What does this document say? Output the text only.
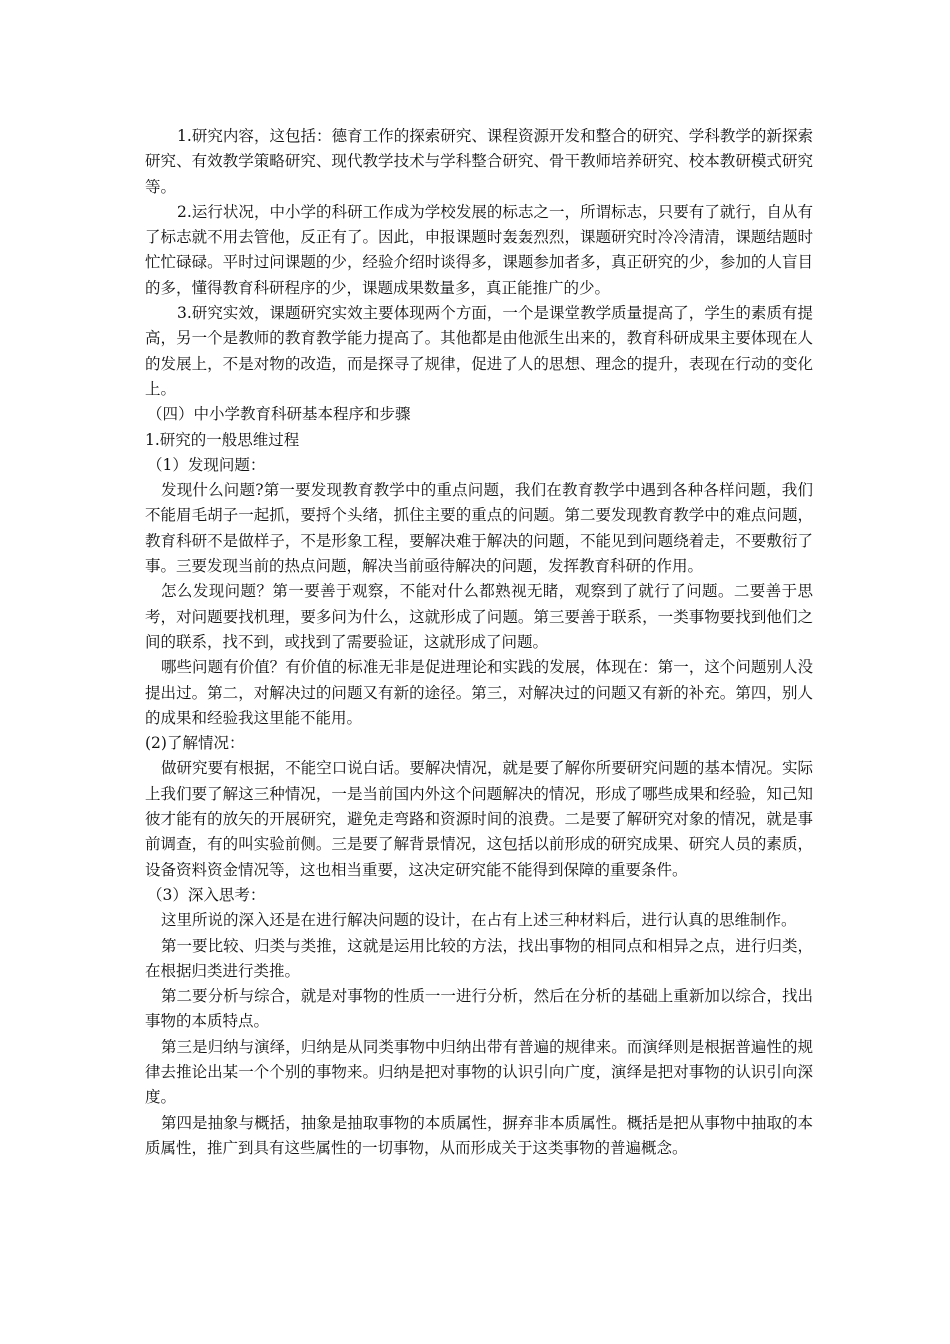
1.研究内容，这包括：德育工作的探索研究、课程资源开发和整合的研究、学科教学的新探索研究、有效教学策略研究、现代教学技术与学科整合研究、骨干教师培养研究、校本教研模式研究等。

2.运行状况，中小学的科研工作成为学校发展的标志之一，所谓标志，只要有了就行，自从有了标志就不用去管他，反正有了。因此，申报课题时轰轰烈烈，课题研究时冷冷清清，课题结题时忙忙碌碌。平时过问课题的少，经验介绍时谈得多，课题参加者多，真正研究的少，参加的人盲目的多，懂得教育科研程序的少，课题成果数量多，真正能推广的少。

3.研究实效，课题研究实效主要体现两个方面，一个是课堂教学质量提高了，学生的素质有提高，另一个是教师的教育教学能力提高了。其他都是由他派生出来的，教育科研成果主要体现在人的发展上，不是对物的改造，而是探寻了规律，促进了人的思想、理念的提升，表现在行动的变化上。

（四）中小学教育科研基本程序和步骤

1.研究的一般思维过程

（1）发现问题：

发现什么问题?第一要发现教育教学中的重点问题，我们在教育教学中遇到各种各样问题，我们不能眉毛胡子一起抓，要捋个头绪，抓住主要的重点的问题。第二要发现教育教学中的难点问题，教育科研不是做样子，不是形象工程，要解决难于解决的问题，不能见到问题绕着走，不要敷衍了事。三要发现当前的热点问题，解决当前亟待解决的问题，发挥教育科研的作用。

怎么发现问题？第一要善于观察，不能对什么都熟视无睹，观察到了就行了问题。二要善于思考，对问题要找机理，要多问为什么，这就形成了问题。第三要善于联系，一类事物要找到他们之间的联系，找不到，或找到了需要验证，这就形成了问题。

哪些问题有价值？有价值的标准无非是促进理论和实践的发展，体现在：第一，这个问题别人没提出过。第二，对解决过的问题又有新的途径。第三，对解决过的问题又有新的补充。第四，别人的成果和经验我这里能不能用。

(2)了解情况：

做研究要有根据，不能空口说白话。要解决情况，就是要了解你所要研究问题的基本情况。实际上我们要了解这三种情况，一是当前国内外这个问题解决的情况，形成了哪些成果和经验，知己知彼才能有的放矢的开展研究，避免走弯路和资源时间的浪费。二是要了解研究对象的情况，就是事前调查，有的叫实验前侧。三是要了解背景情况，这包括以前形成的研究成果、研究人员的素质，设备资料资金情况等，这也相当重要，这决定研究能不能得到保障的重要条件。

（3）深入思考：

这里所说的深入还是在进行解决问题的设计，在占有上述三种材料后，进行认真的思维制作。

第一要比较、归类与类推，这就是运用比较的方法，找出事物的相同点和相异之点，进行归类，在根据归类进行类推。

第二要分析与综合，就是对事物的性质一一进行分析，然后在分析的基础上重新加以综合，找出事物的本质特点。

第三是归纳与演绎，归纳是从同类事物中归纳出带有普遍的规律来。而演绎则是根据普遍性的规律去推论出某一个个别的事物来。归纳是把对事物的认识引向广度，演绎是把对事物的认识引向深度。

第四是抽象与概括，抽象是抽取事物的本质属性，摒弃非本质属性。概括是把从事物中抽取的本质属性，推广到具有这些属性的一切事物，从而形成关于这类事物的普遍概念。
